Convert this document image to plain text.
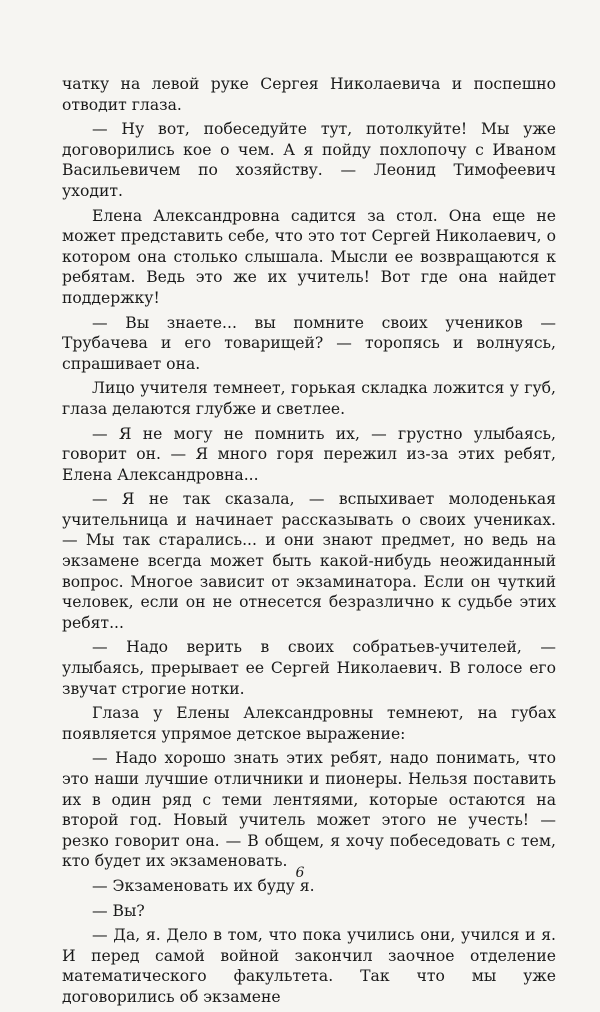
чатку на левой руке Сергея Николаевича и поспешно отводит глаза.

— Ну вот, побеседуйте тут, потолкуйте! Мы уже договорились кое о чем. А я пойду похлопочу с Иваном Васильевичем по хозяйству. — Леонид Тимофеевич уходит.

Елена Александровна садится за стол. Она еще не может представить себе, что это тот Сергей Николаевич, о котором она столько слышала. Мысли ее возвращаются к ребятам. Ведь это же их учитель! Вот где она найдет поддержку!

— Вы знаете... вы помните своих учеников — Трубачева и его товарищей? — торопясь и волнуясь, спрашивает она.

Лицо учителя темнеет, горькая складка ложится у губ, глаза делаются глубже и светлее.

— Я не могу не помнить их, — грустно улыбаясь, говорит он. — Я много горя пережил из-за этих ребят, Елена Александровна...

— Я не так сказала, — вспыхивает молоденькая учительница и начинает рассказывать о своих учениках. — Мы так старались... и они знают предмет, но ведь на экзамене всегда может быть какой-нибудь неожиданный вопрос. Многое зависит от экзаминатора. Если он чуткий человек, если он не отнесется безразлично к судьбе этих ребят...

— Надо верить в своих собратьев-учителей, — улыбаясь, прерывает ее Сергей Николаевич. В голосе его звучат строгие нотки.

Глаза у Елены Александровны темнеют, на губах появляется упрямое детское выражение:

— Надо хорошо знать этих ребят, надо понимать, что это наши лучшие отличники и пионеры. Нельзя поставить их в один ряд с теми лентяями, которые остаются на второй год. Новый учитель может этого не учесть! — резко говорит она. — В общем, я хочу побеседовать с тем, кто будет их экзаменовать.

— Экзаменовать их буду я.

— Вы?

— Да, я. Дело в том, что пока учились они, учился и я. И перед самой войной закончил заочное отделение математического факультета. Так что мы уже договорились об экзамене

6
